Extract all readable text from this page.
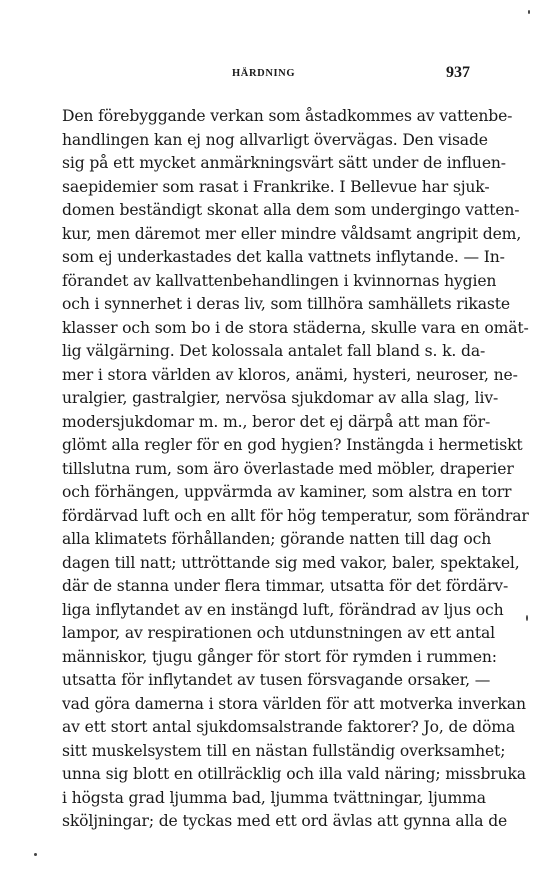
HÄRDNING	937
Den förebyggande verkan som åstadkommes av vattenbe-
handlingen kan ej nog allvarligt övervägas. Den visade
sig på ett mycket anmärkningsvärt sätt under de influen-
saepidemier som rasat i Frankrike. I Bellevue har sjuk-
domen beständigt skonat alla dem som undergingo vatten-
kur, men däremot mer eller mindre våldsamt angripit dem,
som ej underkastades det kalla vattnets inflytande. — In-
förandet av kallvattenbehandlingen i kvinnornas hygien
och i synnerhet i deras liv, som tillhöra samhällets rikaste
klasser och som bo i de stora städerna, skulle vara en omät-
lig välgärning. Det kolossala antalet fall bland s. k. da-
mer i stora världen av kloros, anämi, hysteri, neuroser, ne-
uralgier, gastralgier, nervösa sjukdomar av alla slag, liv-
modersjukdomar m. m., beror det ej därpå att man för-
glömt alla regler för en god hygien? Instängda i hermetiskt
tillslutna rum, som äro överlastade med möbler, draperier
och förhängen, uppvärmda av kaminer, som alstra en torr
fördärvad luft och en allt för hög temperatur, som förändrar
alla klimatets förhållanden; görande natten till dag och
dagen till natt; uttröttande sig med vakor, baler, spektakel,
där de stanna under flera timmar, utsatta för det fördärv-
liga inflytandet av en instängd luft, förändrad av ljus och
lampor, av respirationen och utdunstningen av ett antal
människor, tjugu gånger för stort för rymden i rummen:
utsatta för inflytandet av tusen försvagande orsaker, —
vad göra damerna i stora världen för att motverka inverkan
av ett stort antal sjukdomsalstrande faktorer? Jo, de döma
sitt muskelsystem till en nästan fullständig overksamhet;
unna sig blott en otillräcklig och illa vald näring; missbruka
i högsta grad ljumma bad, ljumma tvättningar, ljumma
sköljningar; de tyckas med ett ord ävlas att gynna alla de
